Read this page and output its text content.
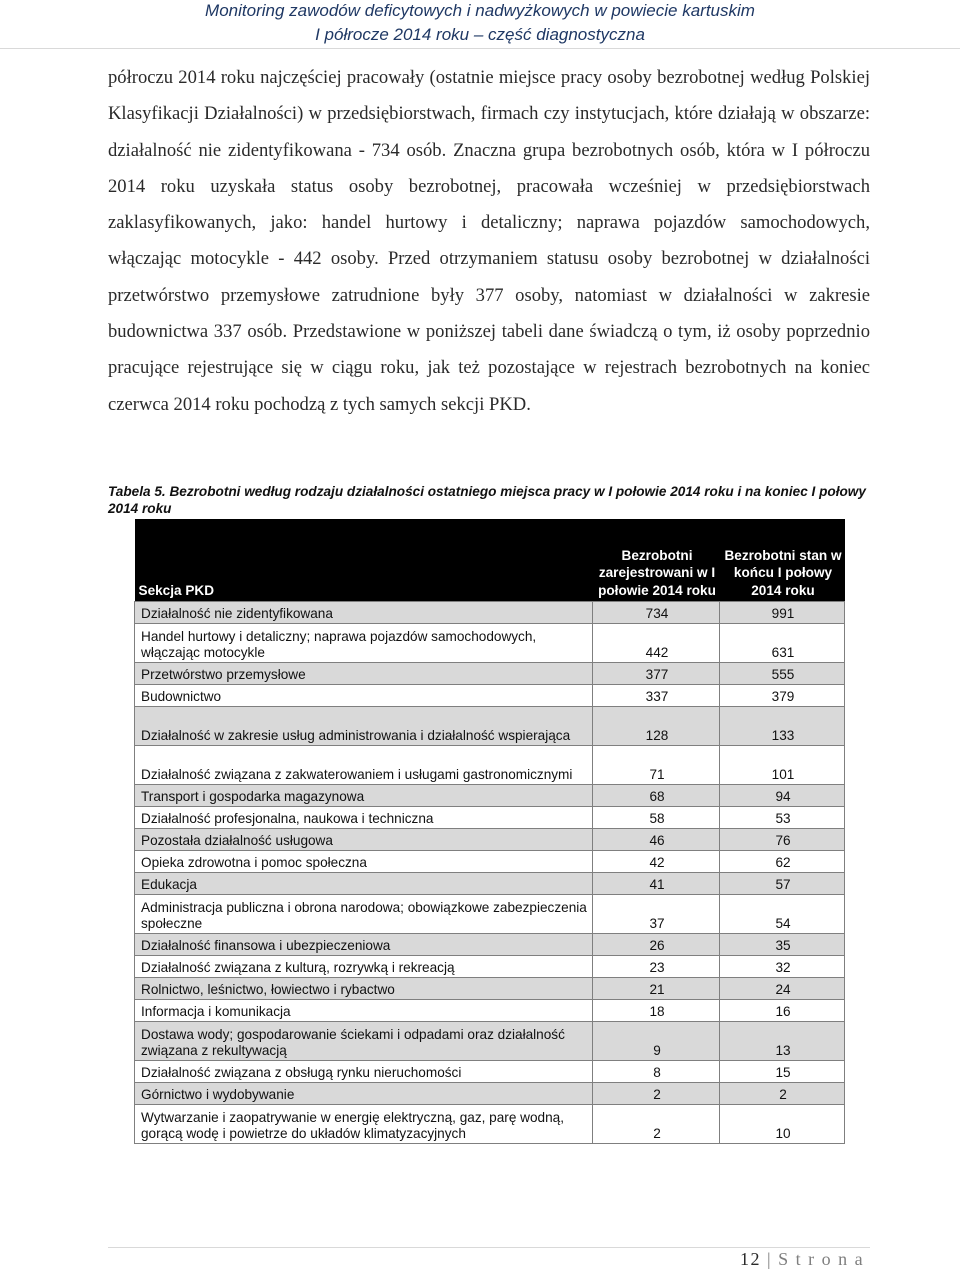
Monitoring zawodów deficytowych i nadwyżkowych w powiecie kartuskim
I półrocze 2014 roku – część diagnostyczna

półroczu 2014 roku najczęściej pracowały (ostatnie miejsce pracy osoby bezrobotnej według Polskiej Klasyfikacji Działalności) w przedsiębiorstwach, firmach czy instytucjach, które działają w obszarze: działalność nie zidentyfikowana - 734 osób. Znaczna grupa bezrobotnych osób, która w I półroczu 2014 roku uzyskała status osoby bezrobotnej, pracowała wcześniej w przedsiębiorstwach zaklasyfikowanych, jako: handel hurtowy i detaliczny; naprawa pojazdów samochodowych, włączając motocykle - 442 osoby. Przed otrzymaniem statusu osoby bezrobotnej w działalności przetwórstwo przemysłowe zatrudnione były 377 osoby, natomiast w działalności w zakresie budownictwa 337 osób. Przedstawione w poniższej tabeli dane świadczą o tym, iż osoby poprzednio pracujące rejestrujące się w ciągu roku, jak też pozostające w rejestrach bezrobotnych na koniec czerwca 2014 roku pochodzą z tych samych sekcji PKD.

Tabela 5. Bezrobotni według rodzaju działalności ostatniego miejsca pracy w I połowie 2014 roku i na koniec I połowy 2014 roku
Sekcja PKD	Bezrobotni zarejestrowani w I połowie 2014 roku	Bezrobotni stan w końcu I połowy 2014 roku
Działalność nie zidentyfikowana	734	991
Handel hurtowy i detaliczny; naprawa pojazdów samochodowych, włączając motocykle	442	631
Przetwórstwo przemysłowe	377	555
Budownictwo	337	379
Działalność w zakresie usług administrowania i działalność wspierająca	128	133
Działalność związana z zakwaterowaniem i usługami gastronomicznymi	71	101
Transport i gospodarka magazynowa	68	94
Działalność profesjonalna, naukowa i techniczna	58	53
Pozostała działalność usługowa	46	76
Opieka zdrowotna i pomoc społeczna	42	62
Edukacja	41	57
Administracja publiczna i obrona narodowa; obowiązkowe zabezpieczenia społeczne	37	54
Działalność finansowa i ubezpieczeniowa	26	35
Działalność związana z kulturą, rozrywką i rekreacją	23	32
Rolnictwo, leśnictwo, łowiectwo i rybactwo	21	24
Informacja i komunikacja	18	16
Dostawa wody; gospodarowanie ściekami i odpadami oraz działalność związana z rekultywacją	9	13
Działalność związana z obsługą rynku nieruchomości	8	15
Górnictwo i wydobywanie	2	2
Wytwarzanie i zaopatrywanie w energię elektryczną, gaz, parę wodną, gorącą wodę i powietrze do układów klimatyzacyjnych	2	10
12 | S t r o n a
